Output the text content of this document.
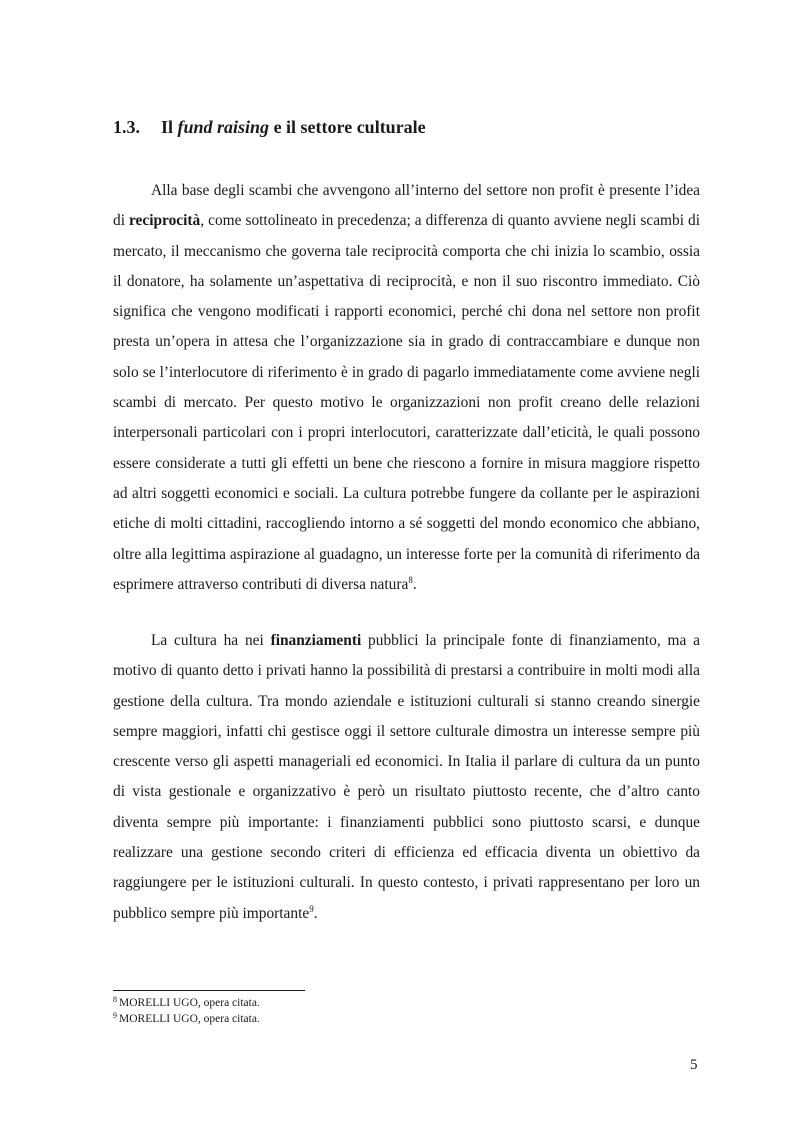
1.3. Il fund raising e il settore culturale

Alla base degli scambi che avvengono all’interno del settore non profit è presente l’idea di reciprocità, come sottolineato in precedenza; a differenza di quanto avviene negli scambi di mercato, il meccanismo che governa tale reciprocità comporta che chi inizia lo scambio, ossia il donatore, ha solamente un’aspettativa di reciprocità, e non il suo riscontro immediato. Ciò significa che vengono modificati i rapporti economici, perché chi dona nel settore non profit presta un’opera in attesa che l’organizzazione sia in grado di contraccambiare e dunque non solo se l’interlocutore di riferimento è in grado di pagarlo immediatamente come avviene negli scambi di mercato. Per questo motivo le organizzazioni non profit creano delle relazioni interpersonali particolari con i propri interlocutori, caratterizzate dall’eticità, le quali possono essere considerate a tutti gli effetti un bene che riescono a fornire in misura maggiore rispetto ad altri soggetti economici e sociali. La cultura potrebbe fungere da collante per le aspirazioni etiche di molti cittadini, raccogliendo intorno a sé soggetti del mondo economico che abbiano, oltre alla legittima aspirazione al guadagno, un interesse forte per la comunità di riferimento da esprimere attraverso contributi di diversa natura$^8$.

La cultura ha nei finanziamenti pubblici la principale fonte di finanziamento, ma a motivo di quanto detto i privati hanno la possibilità di prestarsi a contribuire in molti modi alla gestione della cultura. Tra mondo aziendale e istituzioni culturali si stanno creando sinergie sempre maggiori, infatti chi gestisce oggi il settore culturale dimostra un interesse sempre più crescente verso gli aspetti manageriali ed economici. In Italia il parlare di cultura da un punto di vista gestionale e organizzativo è però un risultato piuttosto recente, che d’altro canto diventa sempre più importante: i finanziamenti pubblici sono piuttosto scarsi, e dunque realizzare una gestione secondo criteri di efficienza ed efficacia diventa un obiettivo da raggiungere per le istituzioni culturali. In questo contesto, i privati rappresentano per loro un pubblico sempre più importante$^9$.

$^8$ MORELLI UGO, opera citata.
$^9$ MORELLI UGO, opera citata.
5
